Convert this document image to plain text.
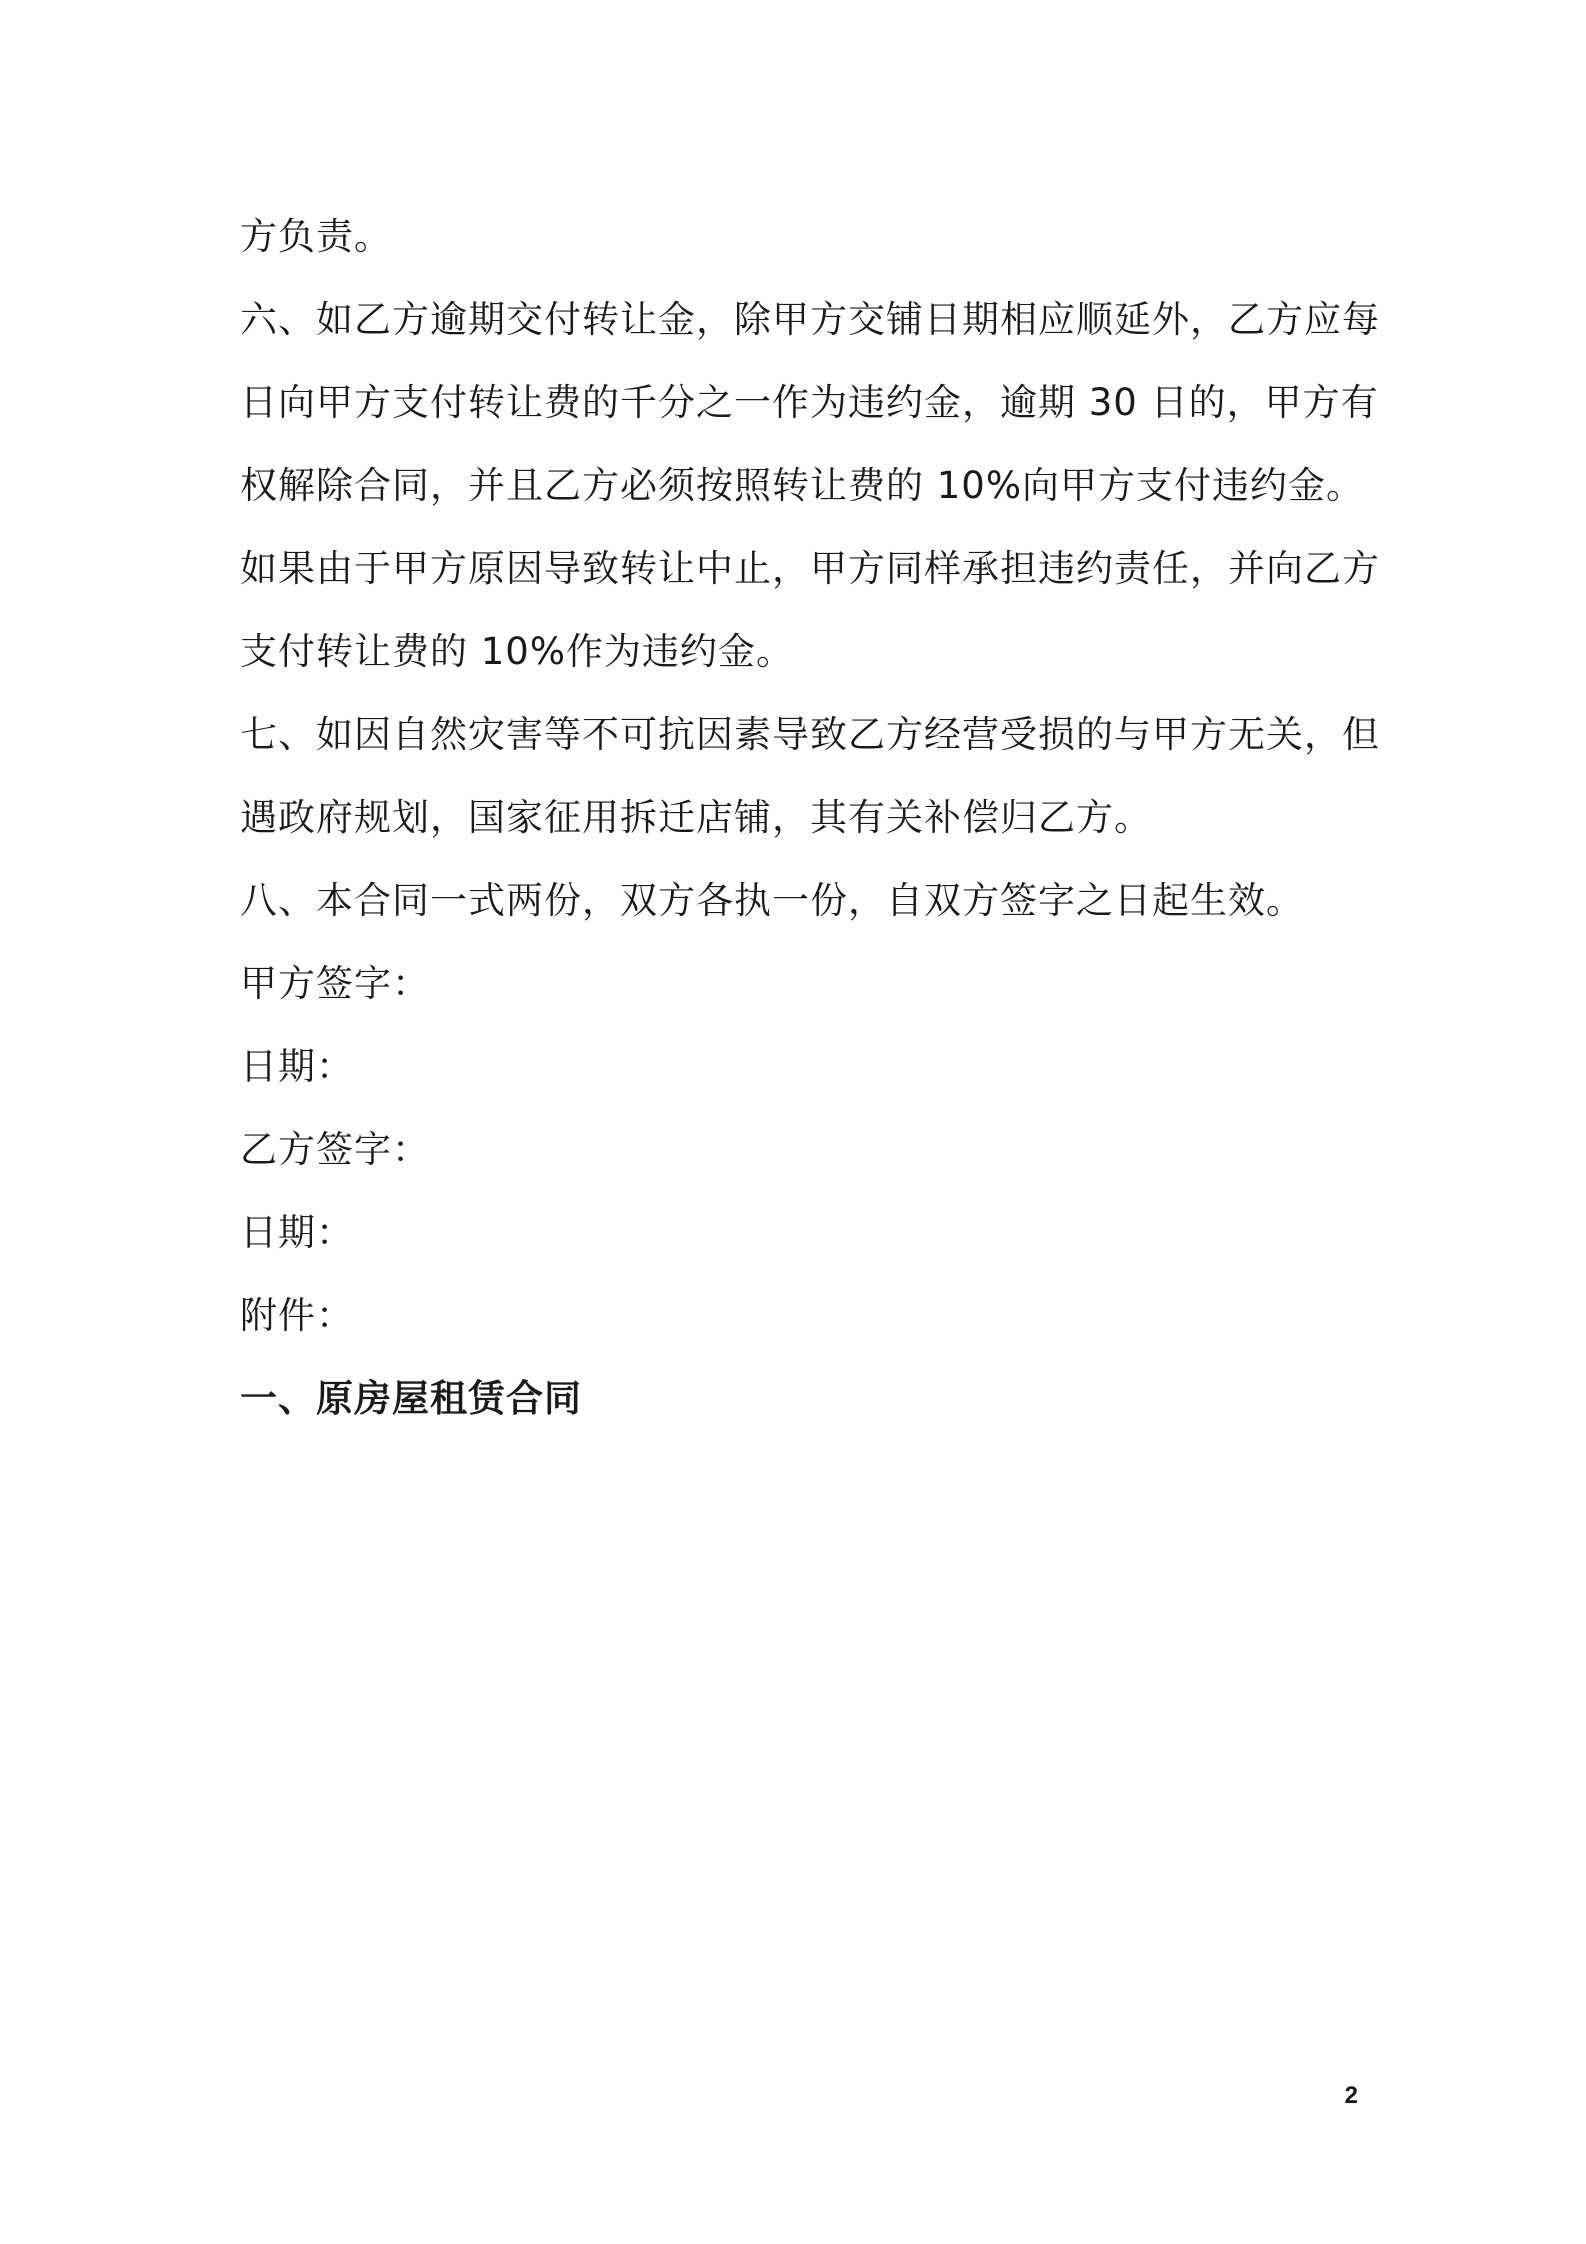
方负责。
六、如乙方逾期交付转让金，除甲方交铺日期相应顺延外，乙方应每
日向甲方支付转让费的千分之一作为违约金，逾期 30 日的，甲方有
权解除合同，并且乙方必须按照转让费的 10%向甲方支付违约金。
如果由于甲方原因导致转让中止，甲方同样承担违约责任，并向乙方
支付转让费的 10%作为违约金。
七、如因自然灾害等不可抗因素导致乙方经营受损的与甲方无关，但
遇政府规划，国家征用拆迁店铺，其有关补偿归乙方。
八、本合同一式两份，双方各执一份，自双方签字之日起生效。
甲方签字：
日期：
乙方签字：
日期：
附件：
一、原房屋租赁合同
2
